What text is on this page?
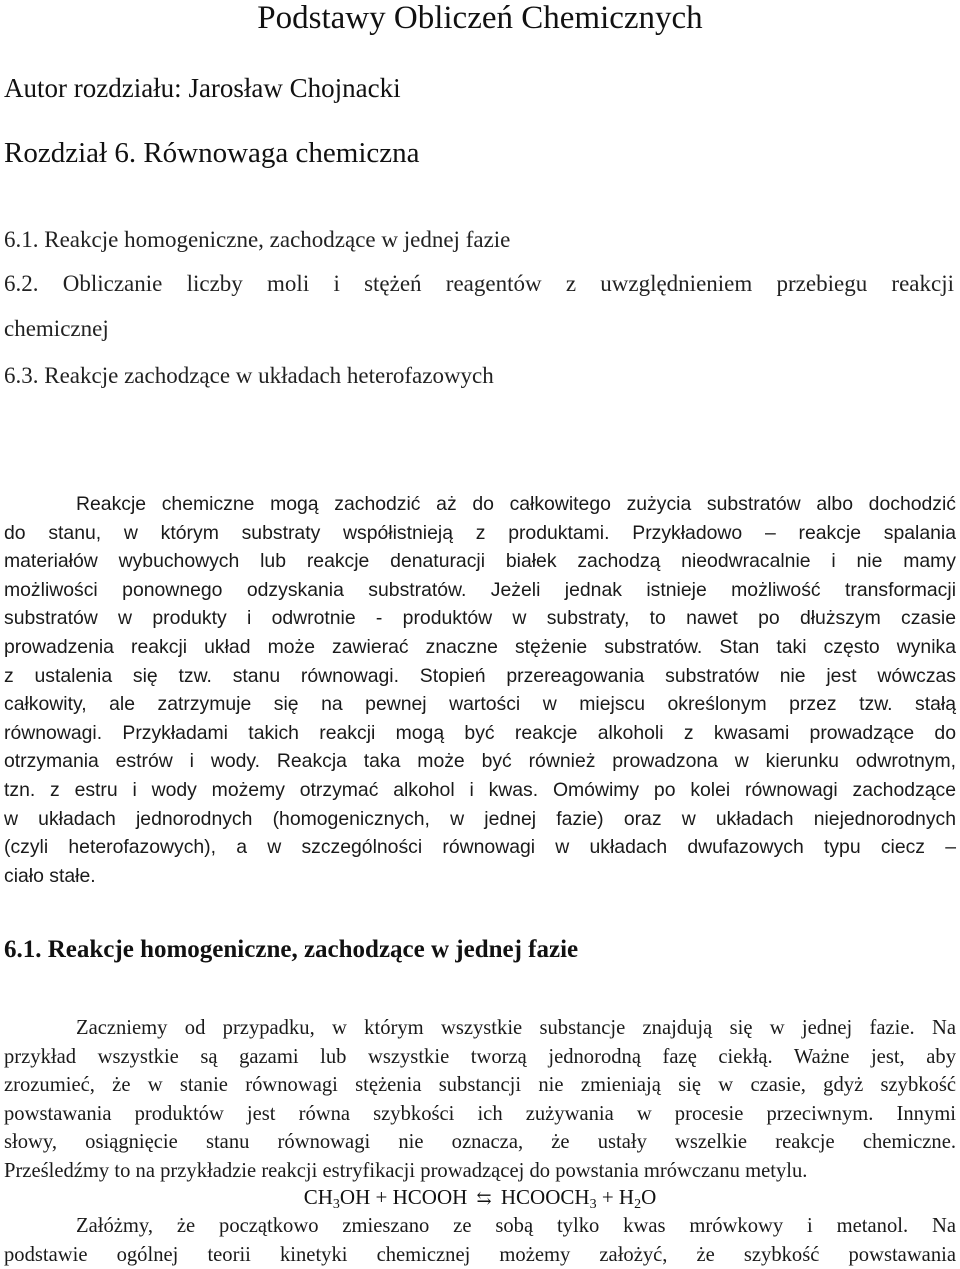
Podstawy Obliczeń Chemicznych
Autor rozdziału: Jarosław Chojnacki
Rozdział 6. Równowaga chemiczna
6.1. Reakcje homogeniczne, zachodzące w jednej fazie
6.2. Obliczanie liczby moli i stężeń reagentów z uwzględnieniem przebiegu reakcji
chemicznej
6.3. Reakcje zachodzące w układach heterofazowych
Reakcje chemiczne mogą zachodzić aż do całkowitego zużycia substratów albo dochodzić
do stanu, w którym substraty współistnieją z produktami. Przykładowo – reakcje spalania
materiałów wybuchowych lub reakcje denaturacji białek zachodzą nieodwracalnie i nie mamy
możliwości ponownego odzyskania substratów. Jeżeli jednak istnieje możliwość transformacji
substratów w produkty i odwrotnie - produktów w substraty, to nawet po dłuższym czasie
prowadzenia reakcji układ może zawierać znaczne stężenie substratów. Stan taki często wynika
z ustalenia się tzw. stanu równowagi. Stopień przereagowania substratów nie jest wówczas
całkowity, ale zatrzymuje się na pewnej wartości w miejscu określonym przez tzw. stałą
równowagi. Przykładami takich reakcji mogą być reakcje alkoholi z kwasami prowadzące do
otrzymania estrów i wody. Reakcja taka może być również prowadzona w kierunku odwrotnym,
tzn. z estru i wody możemy otrzymać alkohol i kwas. Omówimy po kolei równowagi zachodzące
w układach jednorodnych (homogenicznych, w jednej fazie) oraz w układach niejednorodnych
(czyli heterofazowych), a w szczególności równowagi w układach dwufazowych typu ciecz –
ciało stałe.
6.1. Reakcje homogeniczne, zachodzące w jednej fazie
Zaczniemy od przypadku, w którym wszystkie substancje znajdują się w jednej fazie. Na
przykład wszystkie są gazami lub wszystkie tworzą jednorodną fazę ciekłą. Ważne jest, aby
zrozumieć, że w stanie równowagi stężenia substancji nie zmieniają się w czasie, gdyż szybkość
powstawania produktów jest równa szybkości ich zużywania w procesie przeciwnym. Innymi
słowy, osiągnięcie stanu równowagi nie oznacza, że ustały wszelkie reakcje chemiczne.
Prześledźmy to na przykładzie reakcji estryfikacji prowadzącej do powstania mrówczanu metylu.
$CH_3OH$ + HCOOH ⇆ $HCOOCH_3 + H_2O$
Załóżmy, że początkowo zmieszano ze sobą tylko kwas mrówkowy i metanol. Na
podstawie ogólnej teorii kinetyki chemicznej możemy założyć, że szybkość powstawania
